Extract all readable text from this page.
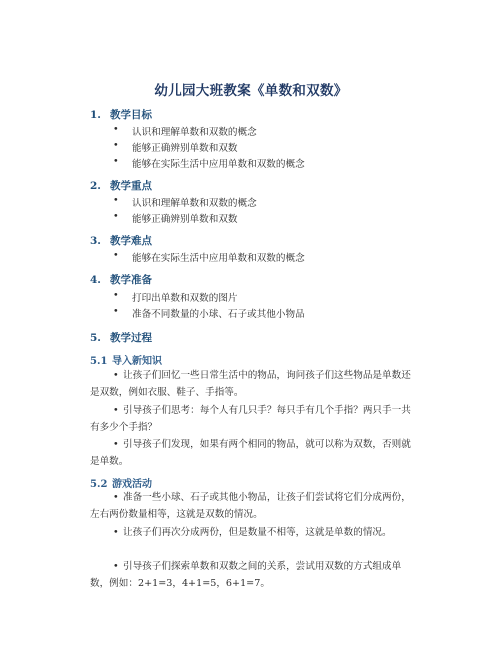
幼儿园大班教案《单数和双数》
1. 教学目标
• 认识和理解单数和双数的概念
• 能够正确辨别单数和双数
• 能够在实际生活中应用单数和双数的概念
2. 教学重点
• 认识和理解单数和双数的概念
• 能够正确辨别单数和双数
3. 教学难点
• 能够在实际生活中应用单数和双数的概念
4. 教学准备
• 打印出单数和双数的图片
• 准备不同数量的小球、石子或其他小物品
5. 教学过程
5.1 导入新知识
• 让孩子们回忆一些日常生活中的物品，询问孩子们这些物品是单数还是双数，例如衣服、鞋子、手指等。
• 引导孩子们思考：每个人有几只手？每只手有几个手指？两只手一共有多少个手指？
• 引导孩子们发现，如果有两个相同的物品，就可以称为双数，否则就是单数。
5.2 游戏活动
• 准备一些小球、石子或其他小物品，让孩子们尝试将它们分成两份，左右两份数量相等，这就是双数的情况。
• 让孩子们再次分成两份，但是数量不相等，这就是单数的情况。
• 引导孩子们探索单数和双数之间的关系，尝试用双数的方式组成单数，例如：2+1=3，4+1=5，6+1=7。
